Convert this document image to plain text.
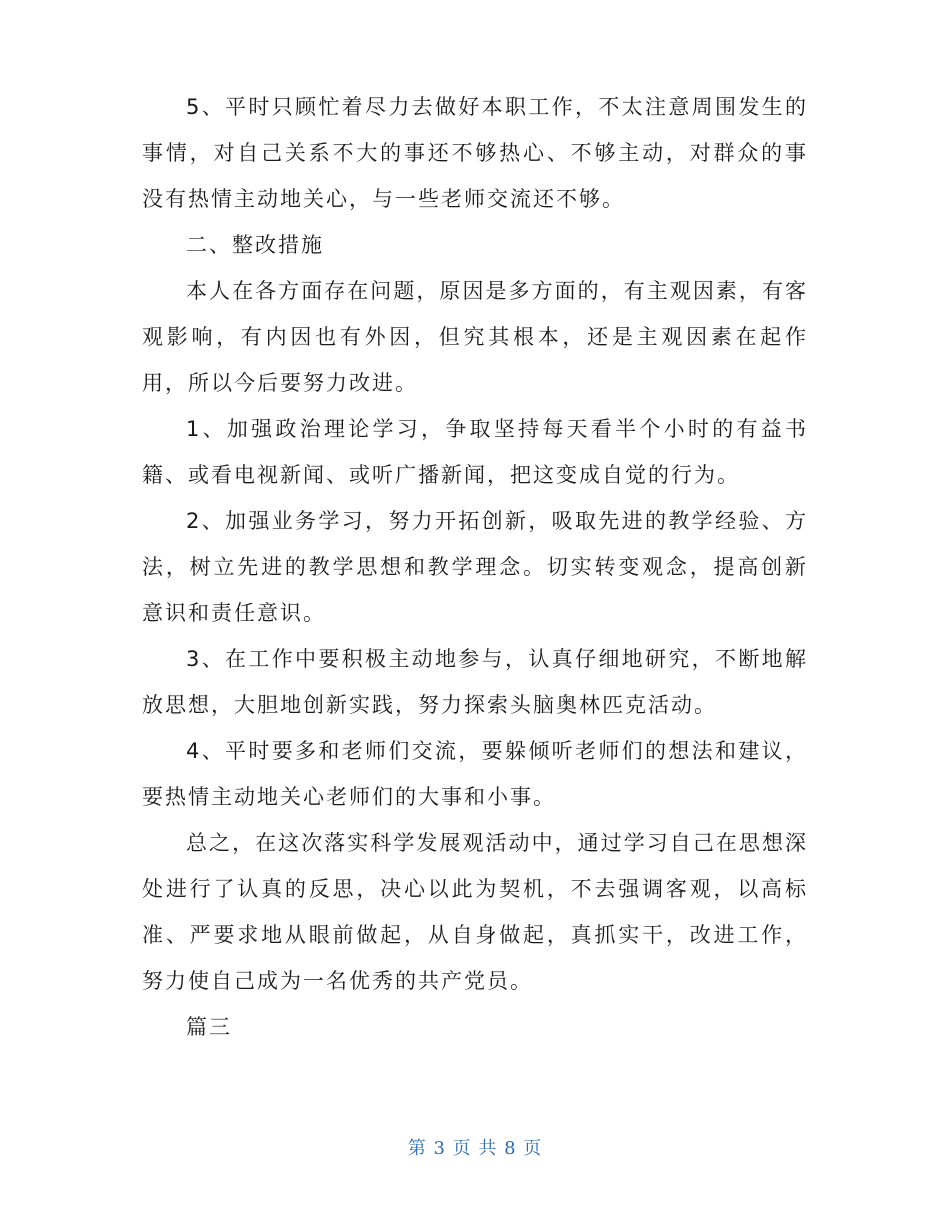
5、平时只顾忙着尽力去做好本职工作，不太注意周围发生的事情，对自己关系不大的事还不够热心、不够主动，对群众的事没有热情主动地关心，与一些老师交流还不够。

二、整改措施

本人在各方面存在问题，原因是多方面的，有主观因素，有客观影响，有内因也有外因，但究其根本，还是主观因素在起作用，所以今后要努力改进。

1、加强政治理论学习，争取坚持每天看半个小时的有益书籍、或看电视新闻、或听广播新闻，把这变成自觉的行为。

2、加强业务学习，努力开拓创新，吸取先进的教学经验、方法，树立先进的教学思想和教学理念。切实转变观念，提高创新意识和责任意识。

3、在工作中要积极主动地参与，认真仔细地研究，不断地解放思想，大胆地创新实践，努力探索头脑奥林匹克活动。

4、平时要多和老师们交流，要躲倾听老师们的想法和建议，要热情主动地关心老师们的大事和小事。

总之，在这次落实科学发展观活动中，通过学习自己在思想深处进行了认真的反思，决心以此为契机，不去强调客观，以高标准、严要求地从眼前做起，从自身做起，真抓实干，改进工作，努力使自己成为一名优秀的共产党员。

篇三

第 3 页 共 8 页
